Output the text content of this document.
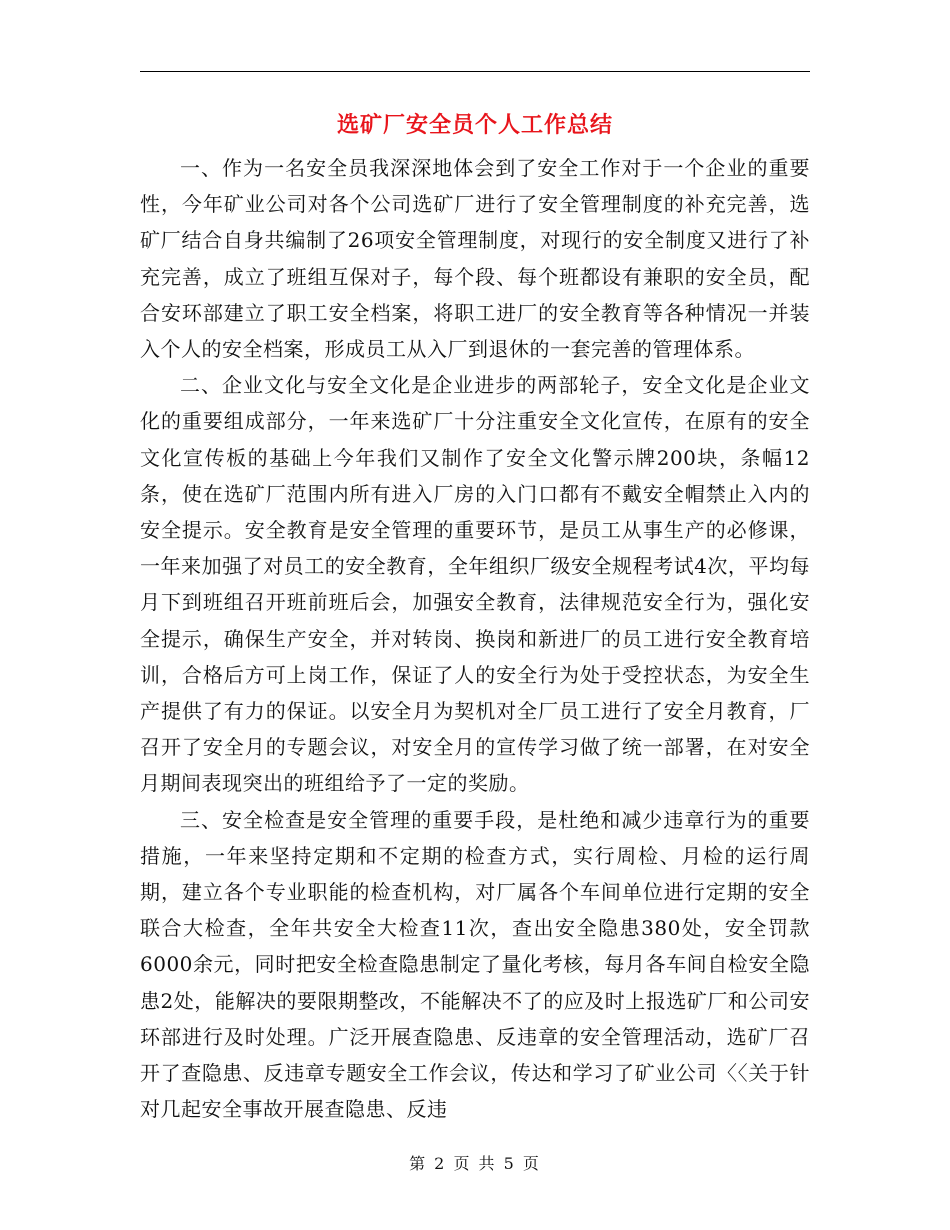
选矿厂安全员个人工作总结

一、作为一名安全员我深深地体会到了安全工作对于一个企业的重要性，今年矿业公司对各个公司选矿厂进行了安全管理制度的补充完善，选矿厂结合自身共编制了26项安全管理制度，对现行的安全制度又进行了补充完善，成立了班组互保对子，每个段、每个班都设有兼职的安全员，配合安环部建立了职工安全档案，将职工进厂的安全教育等各种情况一并装入个人的安全档案，形成员工从入厂到退休的一套完善的管理体系。

二、企业文化与安全文化是企业进步的两部轮子，安全文化是企业文化的重要组成部分，一年来选矿厂十分注重安全文化宣传，在原有的安全文化宣传板的基础上今年我们又制作了安全文化警示牌200块，条幅12条，使在选矿厂范围内所有进入厂房的入门口都有不戴安全帽禁止入内的安全提示。安全教育是安全管理的重要环节，是员工从事生产的必修课，一年来加强了对员工的安全教育，全年组织厂级安全规程考试4次，平均每月下到班组召开班前班后会，加强安全教育，法律规范安全行为，强化安全提示，确保生产安全，并对转岗、换岗和新进厂的员工进行安全教育培训，合格后方可上岗工作，保证了人的安全行为处于受控状态，为安全生产提供了有力的保证。以安全月为契机对全厂员工进行了安全月教育，厂召开了安全月的专题会议，对安全月的宣传学习做了统一部署，在对安全月期间表现突出的班组给予了一定的奖励。

三、安全检查是安全管理的重要手段，是杜绝和减少违章行为的重要措施，一年来坚持定期和不定期的检查方式，实行周检、月检的运行周期，建立各个专业职能的检查机构，对厂属各个车间单位进行定期的安全联合大检查，全年共安全大检查11次，查出安全隐患380处，安全罚款6000余元，同时把安全检查隐患制定了量化考核，每月各车间自检安全隐患2处，能解决的要限期整改，不能解决不了的应及时上报选矿厂和公司安环部进行及时处理。广泛开展查隐患、反违章的安全管理活动，选矿厂召开了查隐患、反违章专题安全工作会议，传达和学习了矿业公司〈〈关于针对几起安全事故开展查隐患、反违

第 2 页 共 5 页
